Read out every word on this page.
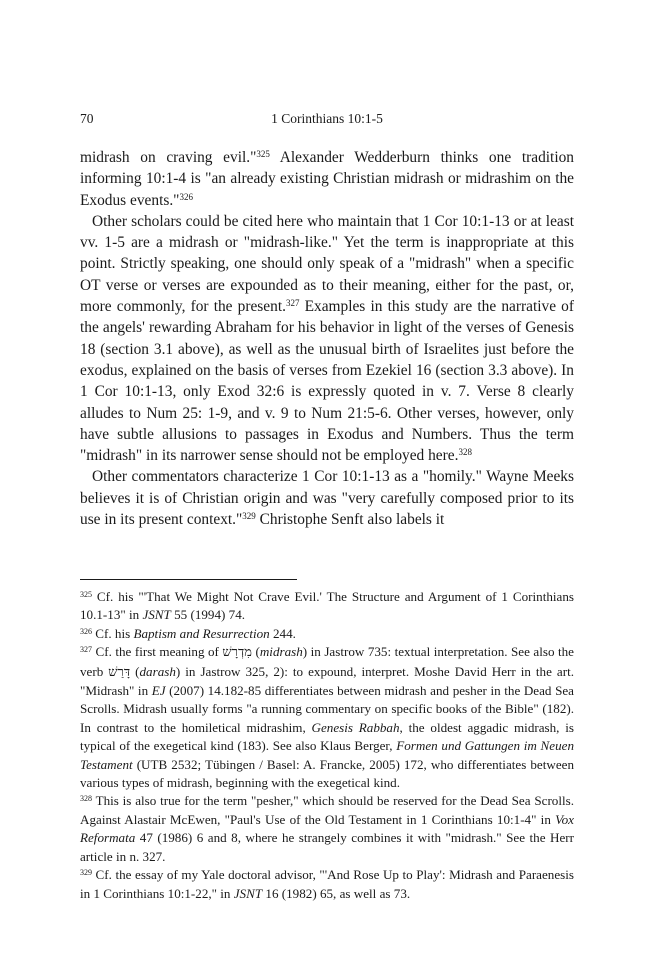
70	1 Corinthians 10:1-5

midrash on craving evil."$^{325}$ Alexander Wedderburn thinks one tradition informing 10:1-4 is "an already existing Christian midrash or midrashim on the Exodus events."$^{326}$

Other scholars could be cited here who maintain that 1 Cor 10:1-13 or at least vv. 1-5 are a midrash or "midrash-like." Yet the term is inappropriate at this point. Strictly speaking, one should only speak of a "midrash" when a specific OT verse or verses are expounded as to their meaning, either for the past, or, more commonly, for the present.$^{327}$ Examples in this study are the narrative of the angels' rewarding Abraham for his behavior in light of the verses of Genesis 18 (section 3.1 above), as well as the unusual birth of Israelites just before the exodus, explained on the basis of verses from Ezekiel 16 (section 3.3 above). In 1 Cor 10:1-13, only Exod 32:6 is expressly quoted in v. 7. Verse 8 clearly alludes to Num 25: 1-9, and v. 9 to Num 21:5-6. Other verses, however, only have subtle allusions to passages in Exodus and Numbers. Thus the term "midrash" in its narrower sense should not be employed here.$^{328}$

Other commentators characterize 1 Cor 10:1-13 as a "homily." Wayne Meeks believes it is of Christian origin and was "very carefully composed prior to its use in its present context."$^{329}$ Christophe Senft also labels it

$^{325}$ Cf. his "'That We Might Not Crave Evil.' The Structure and Argument of 1 Corinthians 10.1-13" in JSNT 55 (1994) 74.

$^{326}$ Cf. his Baptism and Resurrection 244.

$^{327}$ Cf. the first meaning of מִדְרָשׁ (midrash) in Jastrow 735: textual interpretation. See also the verb דָּרַשׁ (darash) in Jastrow 325, 2): to expound, interpret. Moshe David Herr in the art. "Midrash" in EJ (2007) 14.182-85 differentiates between midrash and pesher in the Dead Sea Scrolls. Midrash usually forms "a running commentary on specific books of the Bible" (182). In contrast to the homiletical midrashim, Genesis Rabbah, the oldest aggadic midrash, is typical of the exegetical kind (183). See also Klaus Berger, Formen und Gattungen im Neuen Testament (UTB 2532; Tübingen / Basel: A. Francke, 2005) 172, who differentiates between various types of midrash, beginning with the exegetical kind.

$^{328}$ This is also true for the term "pesher," which should be reserved for the Dead Sea Scrolls. Against Alastair McEwen, "Paul's Use of the Old Testament in 1 Corinthians 10:1-4" in Vox Reformata 47 (1986) 6 and 8, where he strangely combines it with "midrash." See the Herr article in n. 327.

$^{329}$ Cf. the essay of my Yale doctoral advisor, "'And Rose Up to Play': Midrash and Paraenesis in 1 Corinthians 10:1-22," in JSNT 16 (1982) 65, as well as 73.
